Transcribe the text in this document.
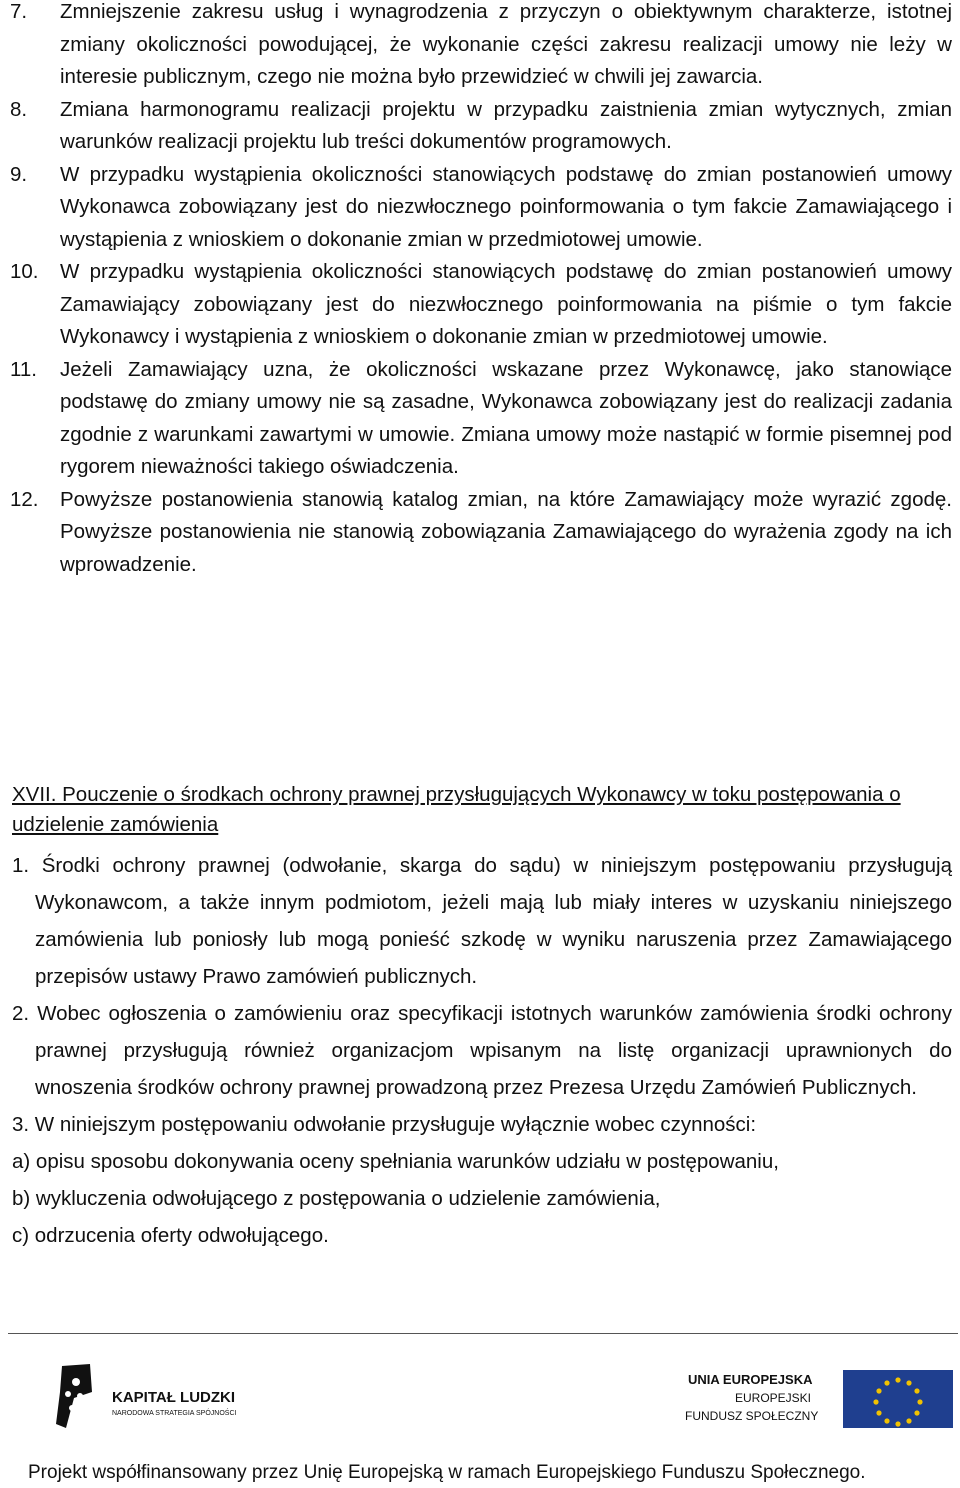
7.	Zmniejszenie zakresu usług i wynagrodzenia z przyczyn o obiektywnym charakterze, istotnej zmiany okoliczności powodującej, że wykonanie części zakresu realizacji umowy nie leży w interesie publicznym, czego nie można było przewidzieć w chwili jej zawarcia.
8.	Zmiana harmonogramu realizacji projektu w przypadku zaistnienia zmian wytycznych, zmian warunków realizacji projektu lub treści dokumentów programowych.
9.	W przypadku wystąpienia okoliczności stanowiących podstawę do zmian postanowień umowy Wykonawca zobowiązany jest do niezwłocznego poinformowania o tym fakcie Zamawiającego i wystąpienia z wnioskiem o dokonanie zmian w przedmiotowej umowie.
10.	W przypadku wystąpienia okoliczności stanowiących podstawę do zmian postanowień umowy Zamawiający zobowiązany jest do niezwłocznego poinformowania na piśmie o tym fakcie Wykonawcy i wystąpienia z wnioskiem o dokonanie zmian w przedmiotowej umowie.
11.	Jeżeli Zamawiający uzna, że okoliczności wskazane przez Wykonawcę, jako stanowiące podstawę do zmiany umowy nie są zasadne, Wykonawca zobowiązany jest do realizacji zadania zgodnie z warunkami zawartymi w umowie. Zmiana umowy może nastąpić w formie pisemnej pod rygorem nieważności takiego oświadczenia.
12.	Powyższe postanowienia stanowią katalog zmian, na które Zamawiający może wyrazić zgodę. Powyższe postanowienia nie stanowią zobowiązania Zamawiającego do wyrażenia zgody na ich wprowadzenie.
XVII. Pouczenie o środkach ochrony prawnej przysługujących Wykonawcy w toku postępowania o udzielenie zamówienia
1. Środki ochrony prawnej (odwołanie, skarga do sądu) w niniejszym postępowaniu przysługują Wykonawcom, a także innym podmiotom, jeżeli mają lub miały interes w uzyskaniu niniejszego zamówienia lub poniosły lub mogą ponieść szkodę w wyniku naruszenia przez Zamawiającego przepisów ustawy Prawo zamówień publicznych.
2. Wobec ogłoszenia o zamówieniu oraz specyfikacji istotnych warunków zamówienia środki ochrony prawnej przysługują również organizacjom wpisanym na listę organizacji uprawnionych do wnoszenia środków ochrony prawnej prowadzoną przez Prezesa Urzędu Zamówień Publicznych.
3. W niniejszym postępowaniu odwołanie przysługuje wyłącznie wobec czynności:
a) opisu sposobu dokonywania oceny spełniania warunków udziału w postępowaniu,
b) wykluczenia odwołującego z postępowania o udzielenie zamówienia,
c) odrzucenia oferty odwołującego.
KAPITAŁ LUDZKI
NARODOWA STRATEGIA SPÓJNOŚCI
UNIA EUROPEJSKA
EUROPEJSKI
FUNDUSZ SPOŁECZNY
Projekt współfinansowany przez Unię Europejską w ramach Europejskiego Funduszu Społecznego.
